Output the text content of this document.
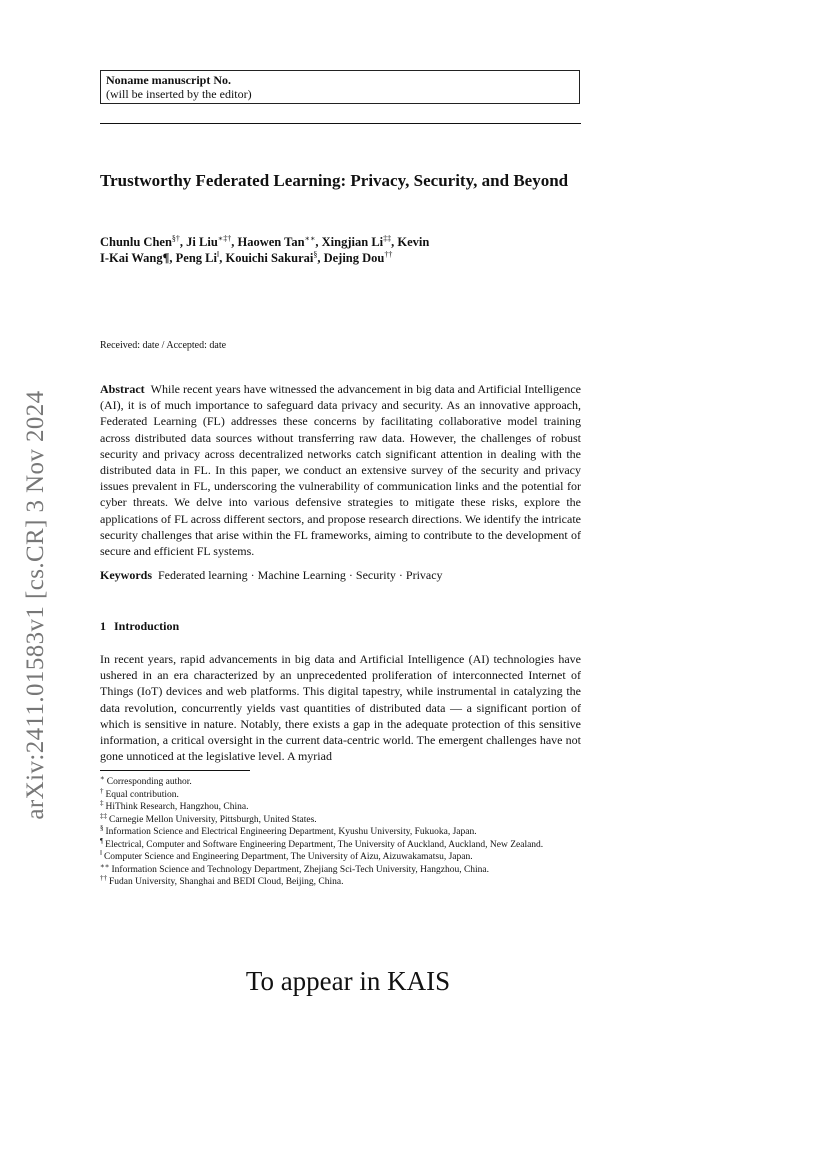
Noname manuscript No.
(will be inserted by the editor)
Trustworthy Federated Learning: Privacy, Security, and Beyond
Chunlu Chen§†, Ji Liu∗‡†, Haowen Tan∗∗, Xingjian Li‡‡, Kevin I-Kai Wang¶, Peng Li‖, Kouichi Sakurai§, Dejing Dou††
Received: date / Accepted: date
Abstract While recent years have witnessed the advancement in big data and Artificial Intelligence (AI), it is of much importance to safeguard data privacy and security. As an innovative approach, Federated Learning (FL) addresses these concerns by facilitating collaborative model training across distributed data sources without transferring raw data. However, the challenges of robust security and privacy across decentralized networks catch significant attention in dealing with the distributed data in FL. In this paper, we conduct an extensive survey of the security and privacy issues prevalent in FL, underscoring the vulnerability of communication links and the potential for cyber threats. We delve into various defensive strategies to mitigate these risks, explore the applications of FL across different sectors, and propose research directions. We identify the intricate security challenges that arise within the FL frameworks, aiming to contribute to the development of secure and efficient FL systems.
Keywords Federated learning · Machine Learning · Security · Privacy
1 Introduction
In recent years, rapid advancements in big data and Artificial Intelligence (AI) technologies have ushered in an era characterized by an unprecedented proliferation of interconnected Internet of Things (IoT) devices and web platforms. This digital tapestry, while instrumental in catalyzing the data revolution, concurrently yields vast quantities of distributed data — a significant portion of which is sensitive in nature. Notably, there exists a gap in the adequate protection of this sensitive information, a critical oversight in the current data-centric world. The emergent challenges have not gone unnoticed at the legislative level. A myriad
∗ Corresponding author.
† Equal contribution.
‡ HiThink Research, Hangzhou, China.
‡‡ Carnegie Mellon University, Pittsburgh, United States.
§ Information Science and Electrical Engineering Department, Kyushu University, Fukuoka, Japan.
¶ Electrical, Computer and Software Engineering Department, The University of Auckland, Auckland, New Zealand.
‖ Computer Science and Engineering Department, The University of Aizu, Aizuwakamatsu, Japan.
∗∗ Information Science and Technology Department, Zhejiang Sci-Tech University, Hangzhou, China.
†† Fudan University, Shanghai and BEDI Cloud, Beijing, China.
To appear in KAIS
arXiv:2411.01583v1 [cs.CR] 3 Nov 2024
